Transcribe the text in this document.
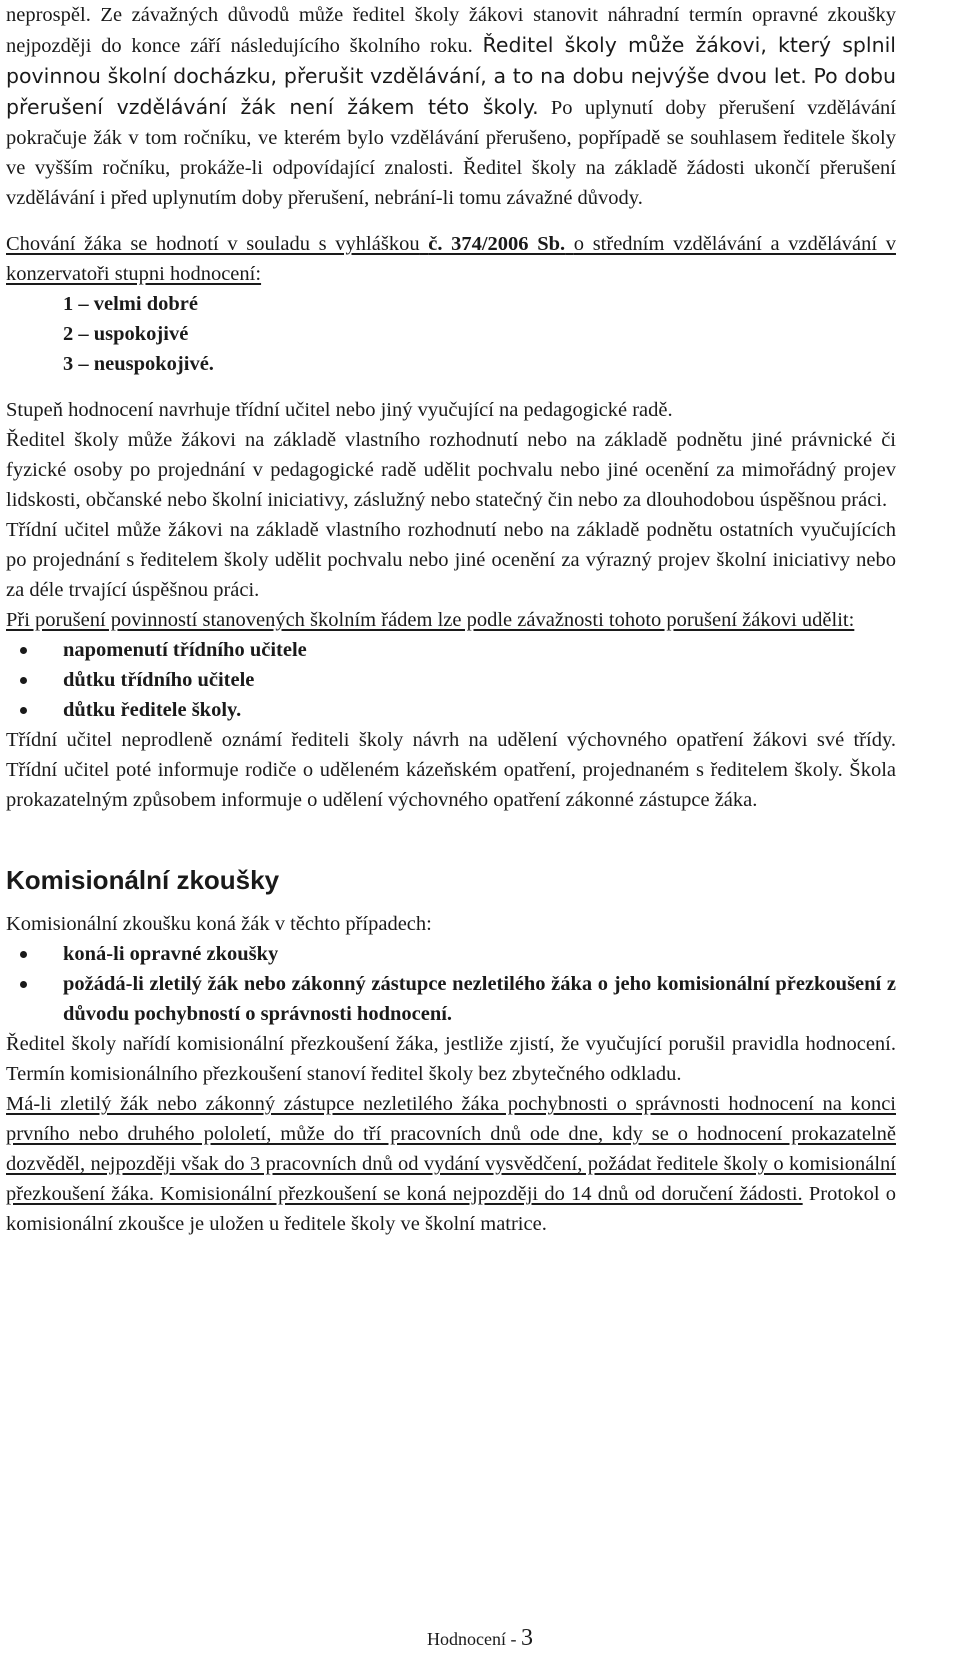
neprospěl. Ze závažných důvodů může ředitel školy žákovi stanovit náhradní termín opravné zkoušky nejpozději do konce září následujícího školního roku. Ředitel školy může žákovi, který splnil povinnou školní docházku, přerušit vzdělávání, a to na dobu nejvýše dvou let. Po dobu přerušení vzdělávání žák není žákem této školy. Po uplynutí doby přerušení vzdělávání pokračuje žák v tom ročníku, ve kterém bylo vzdělávání přerušeno, popřípadě se souhlasem ředitele školy ve vyšším ročníku, prokáže-li odpovídající znalosti. Ředitel školy na základě žádosti ukončí přerušení vzdělávání i před uplynutím doby přerušení, nebrání-li tomu závažné důvody.

Chování žáka se hodnotí v souladu s vyhláškou č. 374/2006 Sb. o středním vzdělávání a vzdělávání v konzervatoři stupni hodnocení:

1 – velmi dobré
2 – uspokojivé
3 – neuspokojivé.

Stupeň hodnocení navrhuje třídní učitel nebo jiný vyučující na pedagogické radě.

Ředitel školy může žákovi na základě vlastního rozhodnutí nebo na základě podnětu jiné právnické či fyzické osoby po projednání v pedagogické radě udělit pochvalu nebo jiné ocenění za mimořádný projev lidskosti, občanské nebo školní iniciativy, záslužný nebo statečný čin nebo za dlouhodobou úspěšnou práci.

Třídní učitel může žákovi na základě vlastního rozhodnutí nebo na základě podnětu ostatních vyučujících po projednání s ředitelem školy udělit pochvalu nebo jiné ocenění za výrazný projev školní iniciativy nebo za déle trvající úspěšnou práci.

Při porušení povinností stanovených školním řádem lze podle závažnosti tohoto porušení žákovi udělit:

napomenutí třídního učitele
důtku třídního učitele
důtku ředitele školy.

Třídní učitel neprodleně oznámí řediteli školy návrh na udělení výchovného opatření žákovi své třídy. Třídní učitel poté informuje rodiče o uděleném kázeňském opatření, projednaném s ředitelem školy. Škola prokazatelným způsobem informuje o udělení výchovného opatření zákonné zástupce žáka.

Komisionální zkoušky

Komisionální zkoušku koná žák v těchto případech:

koná-li opravné zkoušky
požádá-li zletilý žák nebo zákonný zástupce nezletilého žáka o jeho komisionální přezkoušení z důvodu pochybností o správnosti hodnocení.

Ředitel školy nařídí komisionální přezkoušení žáka, jestliže zjistí, že vyučující porušil pravidla hodnocení. Termín komisionálního přezkoušení stanoví ředitel školy bez zbytečného odkladu.

Má-li zletilý žák nebo zákonný zástupce nezletilého žáka pochybnosti o správnosti hodnocení na konci prvního nebo druhého pololetí, může do tří pracovních dnů ode dne, kdy se o hodnocení prokazatelně dozvěděl, nejpozději však do 3 pracovních dnů od vydání vysvědčení, požádat ředitele školy o komisionální přezkoušení žáka. Komisionální přezkoušení se koná nejpozději do 14 dnů od doručení žádosti. Protokol o komisionální zkoušce je uložen u ředitele školy ve školní matrice.

Hodnocení - 3
